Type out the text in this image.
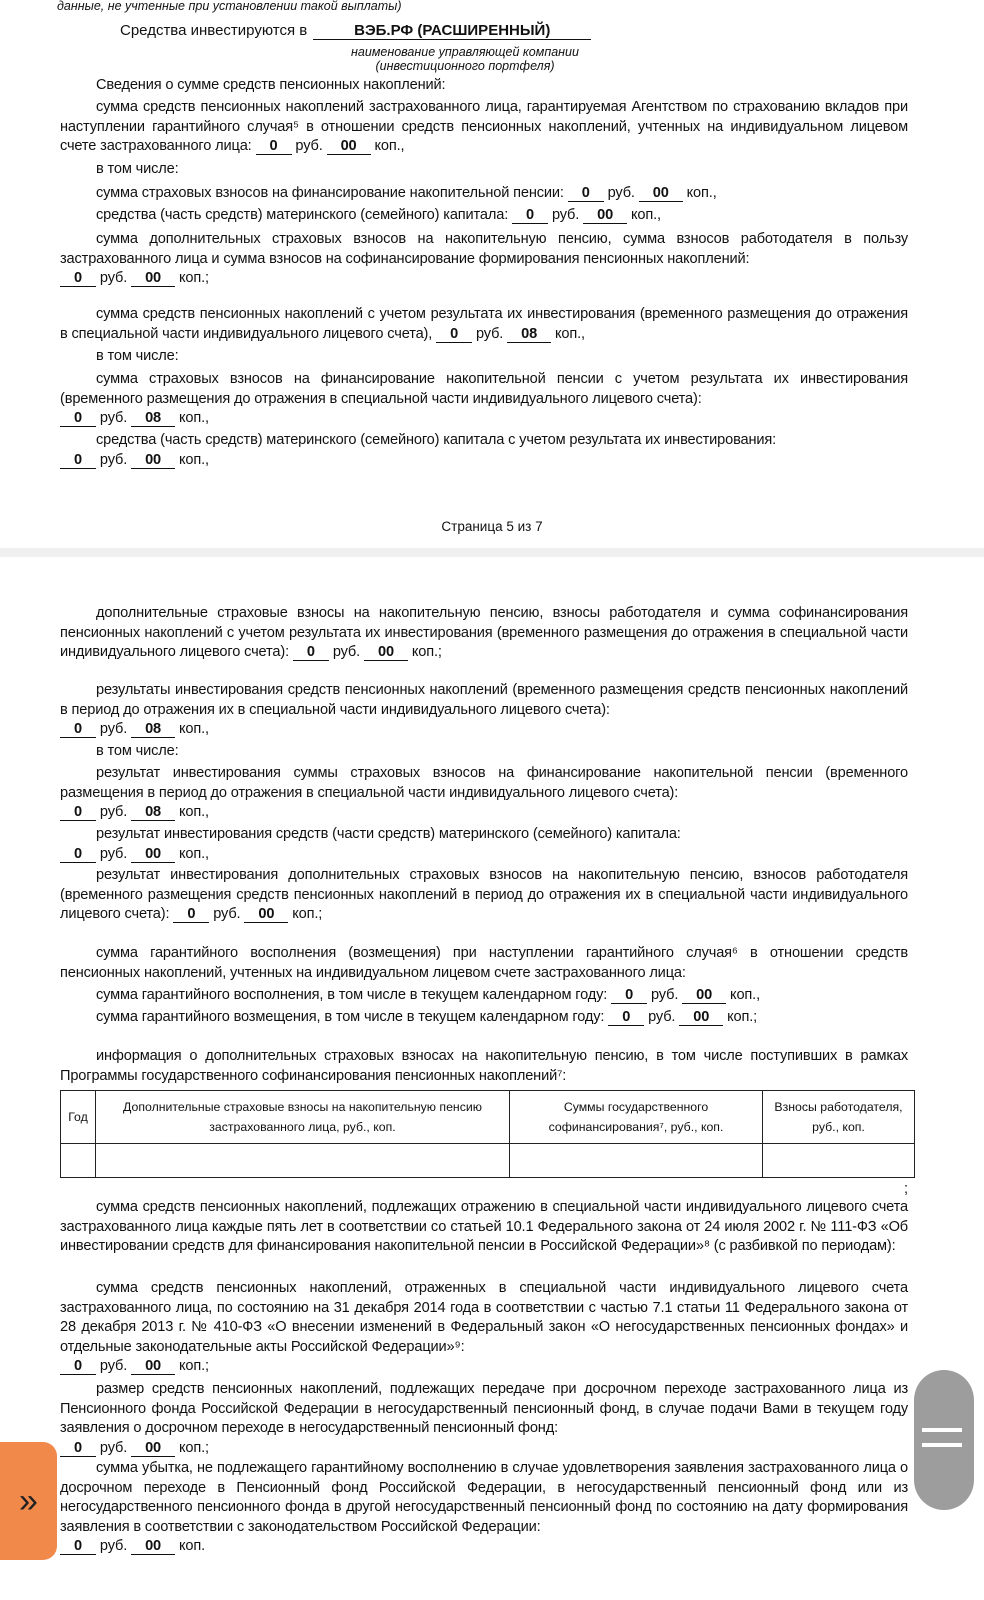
данные, не учтенные при установлении такой выплаты)
Средства инвестируются в	ВЭБ.РФ (РАСШИРЕННЫЙ)
наименование управляющей компании
(инвестиционного портфеля)
Сведения о сумме средств пенсионных накоплений:
сумма средств пенсионных накоплений застрахованного лица, гарантируемая Агентством по страхованию вкладов при наступлении гарантийного случая⁵ в отношении средств пенсионных накоплений, учтенных на индивидуальном лицевом счете застрахованного лица: 0 руб. 00 коп.,
в том числе:
сумма страховых взносов на финансирование накопительной пенсии: 0 руб. 00 коп.,
средства (часть средств) материнского (семейного) капитала: 0 руб. 00 коп.,
сумма дополнительных страховых взносов на накопительную пенсию, сумма взносов работодателя в пользу застрахованного лица и сумма взносов на софинансирование формирования пенсионных накоплений:
0 руб. 00 коп.;
сумма средств пенсионных накоплений с учетом результата их инвестирования (временного размещения до отражения в специальной части индивидуального лицевого счета), 0 руб. 08 коп.,
в том числе:
сумма страховых взносов на финансирование накопительной пенсии с учетом результата их инвестирования (временного размещения до отражения в специальной части индивидуального лицевого счета):
0 руб. 08 коп.,
средства (часть средств) материнского (семейного) капитала с учетом результата их инвестирования:
0 руб. 00 коп.,
дополнительные страховые взносы на накопительную пенсию, взносы работодателя и сумма софинансирования пенсионных накоплений с учетом результата их инвестирования (временного размещения до отражения в специальной части индивидуального лицевого счета): 0 руб. 00 коп.;
результаты инвестирования средств пенсионных накоплений (временного размещения средств пенсионных накоплений в период до отражения их в специальной части индивидуального лицевого счета):
0 руб. 08 коп.,
в том числе:
результат инвестирования суммы страховых взносов на финансирование накопительной пенсии (временного размещения в период до отражения в специальной части индивидуального лицевого счета):
0 руб. 08 коп.,
результат инвестирования средств (части средств) материнского (семейного) капитала:
0 руб. 00 коп.,
результат инвестирования дополнительных страховых взносов на накопительную пенсию, взносов работодателя (временного размещения средств пенсионных накоплений в период до отражения их в специальной части индивидуального лицевого счета): 0 руб. 00 коп.;
сумма гарантийного восполнения (возмещения) при наступлении гарантийного случая⁶ в отношении средств пенсионных накоплений, учтенных на индивидуальном лицевом счете застрахованного лица:
сумма гарантийного восполнения, в том числе в текущем календарном году: 0 руб. 00 коп.,
сумма гарантийного возмещения, в том числе в текущем календарном году: 0 руб. 00 коп.;
информация о дополнительных страховых взносах на накопительную пенсию, в том числе поступивших в рамках Программы государственного софинансирования пенсионных накоплений⁷:
сумма средств пенсионных накоплений, подлежащих отражению в специальной части индивидуального лицевого счета застрахованного лица каждые пять лет в соответствии со статьей 10.1 Федерального закона от 24 июля 2002 г. № 111-ФЗ «Об инвестировании средств для финансирования накопительной пенсии в Российской Федерации»⁸ (с разбивкой по периодам):
сумма средств пенсионных накоплений, отраженных в специальной части индивидуального лицевого счета застрахованного лица, по состоянию на 31 декабря 2014 года в соответствии с частью 7.1 статьи 11 Федерального закона от 28 декабря 2013 г. № 410-ФЗ «О внесении изменений в Федеральный закон «О негосударственных пенсионных фондах» и отдельные законодательные акты Российской Федерации»⁹:
0 руб. 00 коп.;
размер средств пенсионных накоплений, подлежащих передаче при досрочном переходе застрахованного лица из Пенсионного фонда Российской Федерации в негосударственный пенсионный фонд, в случае подачи Вами в текущем году заявления о досрочном переходе в негосударственный пенсионный фонд:
0 руб. 00 коп.;
сумма убытка, не подлежащего гарантийному восполнению в случае удовлетворения заявления застрахованного лица о досрочном переходе в Пенсионный фонд Российской Федерации, в негосударственный пенсионный фонд или из негосударственного пенсионного фонда в другой негосударственный пенсионный фонд по состоянию на дату формирования заявления в соответствии с законодательством Российской Федерации:
0 руб. 00 коп.
Страница 5 из 7
Год	Дополнительные страховые взносы на накопительную пенсию застрахованного лица, руб., коп.	Суммы государственного софинансирования⁷, руб., коп.	Взносы работодателя, руб., коп.

;
»
